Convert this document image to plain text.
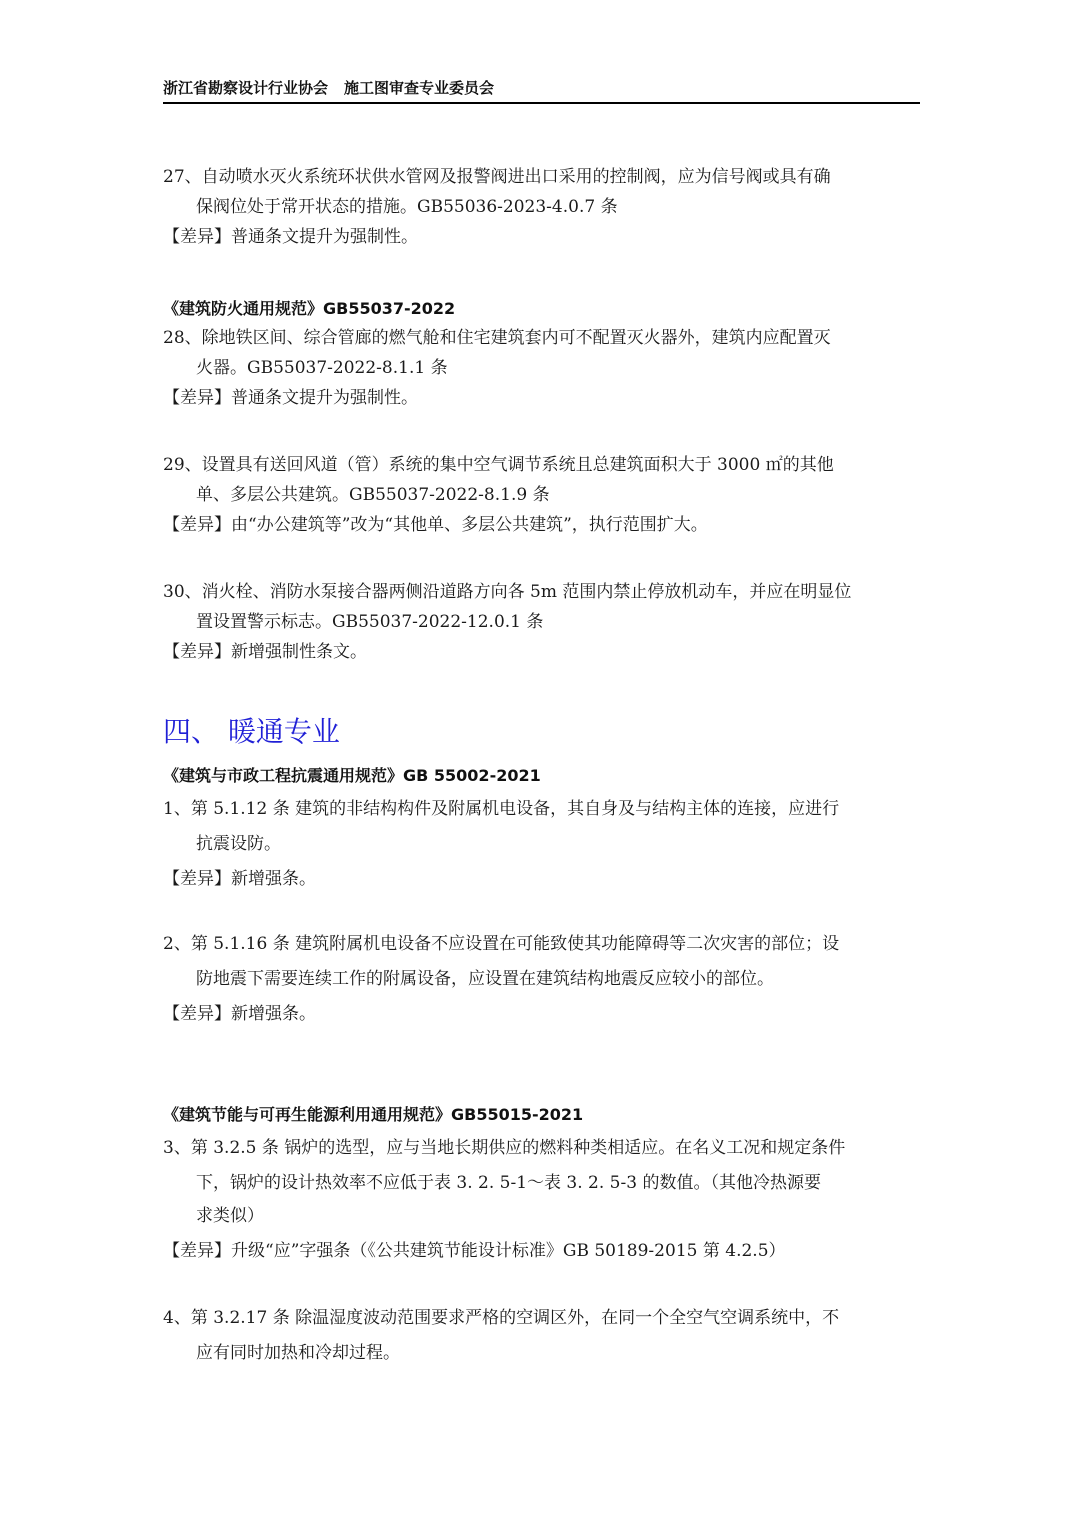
浙江省勘察设计行业协会 施工图审查专业委员会
27、自动喷水灭火系统环状供水管网及报警阀进出口采用的控制阀，应为信号阀或具有确
保阀位处于常开状态的措施。GB55036-2023-4.0.7 条
【差异】普通条文提升为强制性。
《建筑防火通用规范》GB55037-2022
28、除地铁区间、综合管廊的燃气舱和住宅建筑套内可不配置灭火器外，建筑内应配置灭
火器。GB55037-2022-8.1.1 条
【差异】普通条文提升为强制性。
29、设置具有送回风道（管）系统的集中空气调节系统且总建筑面积大于 3000 ㎡的其他
单、多层公共建筑。GB55037-2022-8.1.9 条
【差异】由“办公建筑等”改为“其他单、多层公共建筑”，执行范围扩大。
30、消火栓、消防水泵接合器两侧沿道路方向各 5m 范围内禁止停放机动车，并应在明显位
置设置警示标志。GB55037-2022-12.0.1 条
【差异】新增强制性条文。
四、 暖通专业
《建筑与市政工程抗震通用规范》GB 55002-2021
1、第 5.1.12 条 建筑的非结构构件及附属机电设备，其自身及与结构主体的连接，应进行
抗震设防。
【差异】新增强条。
2、第 5.1.16 条 建筑附属机电设备不应设置在可能致使其功能障碍等二次灾害的部位；设
防地震下需要连续工作的附属设备，应设置在建筑结构地震反应较小的部位。
【差异】新增强条。
《建筑节能与可再生能源利用通用规范》GB55015-2021
3、第 3.2.5 条 锅炉的选型，应与当地长期供应的燃料种类相适应。在名义工况和规定条件
下，锅炉的设计热效率不应低于表 3. 2. 5-1～表 3. 2. 5-3 的数值。（其他冷热源要
求类似）
【差异】升级“应”字强条（《公共建筑节能设计标准》GB 50189-2015 第 4.2.5）
4、第 3.2.17 条 除温湿度波动范围要求严格的空调区外，在同一个全空气空调系统中，不
应有同时加热和冷却过程。
